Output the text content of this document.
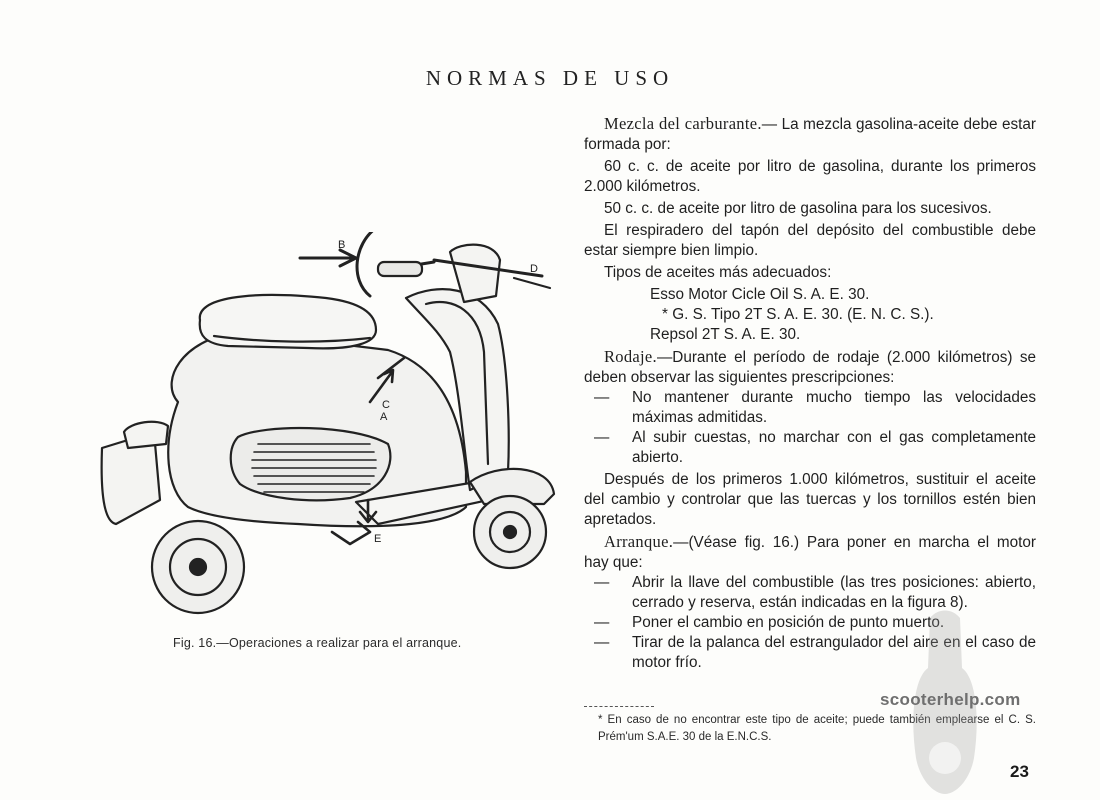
NORMAS DE USO
B
A
C
D
E
Fig. 16.—Operaciones a realizar para el arranque.

Mezcla del carburante.— La mezcla gasolina-aceite debe estar formada por:

60 c. c. de aceite por litro de gasolina, durante los primeros 2.000 kilómetros.

50 c. c. de aceite por litro de gasolina para los sucesivos.

El respiradero del tapón del depósito del combustible debe estar siempre bien limpio.

Tipos de aceites más adecuados:

Esso Motor Cicle Oil S. A. E. 30.
* G. S. Tipo 2T S. A. E. 30. (E. N. C. S.).
Repsol 2T S. A. E. 30.

Rodaje.—Durante el período de rodaje (2.000 kilómetros) se deben observar las siguientes prescripciones:

—	No mantener durante mucho tiempo las velocidades máximas admitidas.
—	Al subir cuestas, no marchar con el gas completamente abierto.

Después de los primeros 1.000 kilómetros, sustituir el aceite del cambio y controlar que las tuercas y los tornillos estén bien apretados.

Arranque.—(Véase fig. 16.) Para poner en marcha el motor hay que:

—	Abrir la llave del combustible (las tres posiciones: abierto, cerrado y reserva, están indicadas en la figura 8).
—	Poner el cambio en posición de punto muerto.
—	Tirar de la palanca del estrangulador del aire en el caso de motor frío.

* En caso de no encontrar este tipo de aceite; puede también emplearse el C. S. Prém'um S.A.E. 30 de la E.N.C.S.

scooterhelp.com
23
